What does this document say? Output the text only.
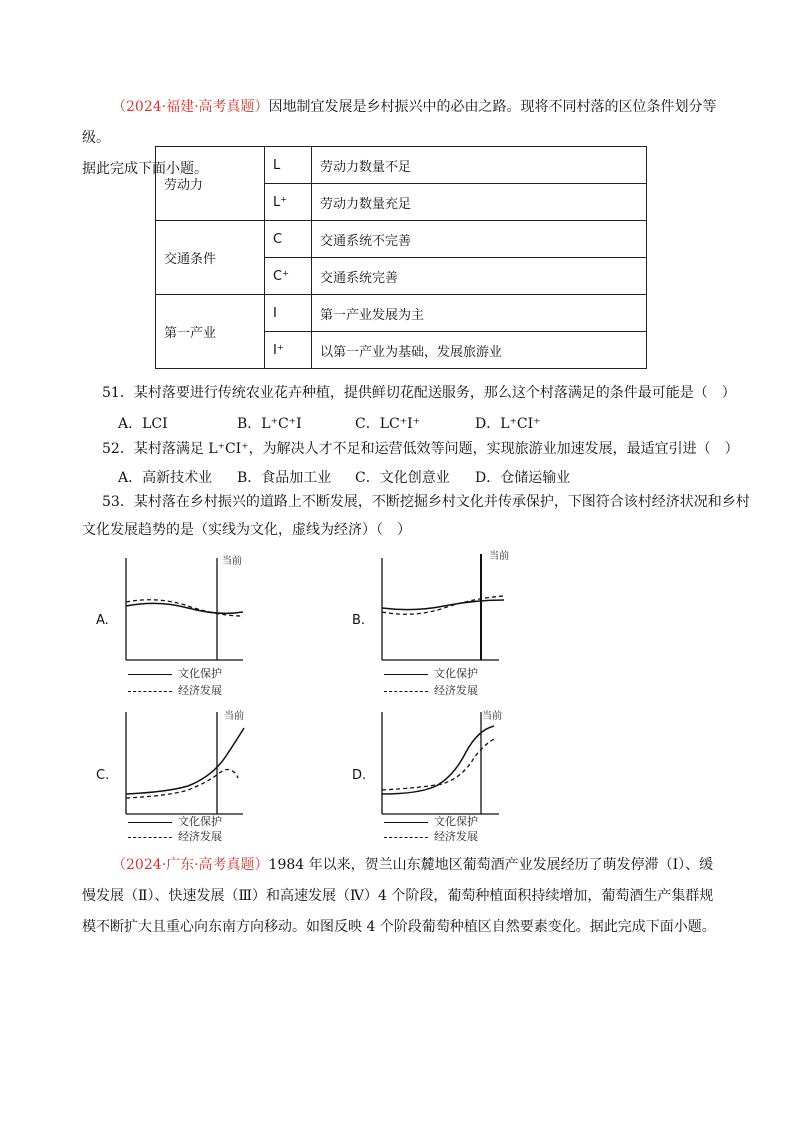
（2024·福建·高考真题）因地制宜发展是乡村振兴中的必由之路。现将不同村落的区位条件划分等级。
据此完成下面小题。
劳动力	L	劳动力数量不足
	L⁺	劳动力数量充足
交通条件	C	交通系统不完善
	C⁺	交通系统完善
第一产业	I	第一产业发展为主
	I⁺	以第一产业为基础，发展旅游业
51．某村落要进行传统农业花卉种植，提供鲜切花配送服务，那么这个村落满足的条件最可能是（　）
A．LCI	B．L⁺C⁺I	C．LC⁺I⁺	D．L⁺CI⁺
52．某村落满足 L⁺CI⁺，为解决人才不足和运营低效等问题，实现旅游业加速发展，最适宜引进（　）
A．高新技术业 B．食品加工业 C．文化创意业 D．仓储运输业
53．某村落在乡村振兴的道路上不断发展，不断挖掘乡村文化并传承保护，下图符合该村经济状况和乡村
文化发展趋势的是（实线为文化，虚线为经济）（　）
A.
当前
文化保护
经济发展
B.
当前
文化保护
经济发展
C.
当前
文化保护
经济发展
D.
当前
文化保护
经济发展
（2024·广东·高考真题）1984 年以来，贺兰山东麓地区葡萄酒产业发展经历了萌发停滞（Ⅰ）、缓
慢发展（Ⅱ）、快速发展（Ⅲ）和高速发展（Ⅳ）4 个阶段，葡萄种植面积持续增加，葡萄酒生产集群规
模不断扩大且重心向东南方向移动。如图反映 4 个阶段葡萄种植区自然要素变化。据此完成下面小题。
